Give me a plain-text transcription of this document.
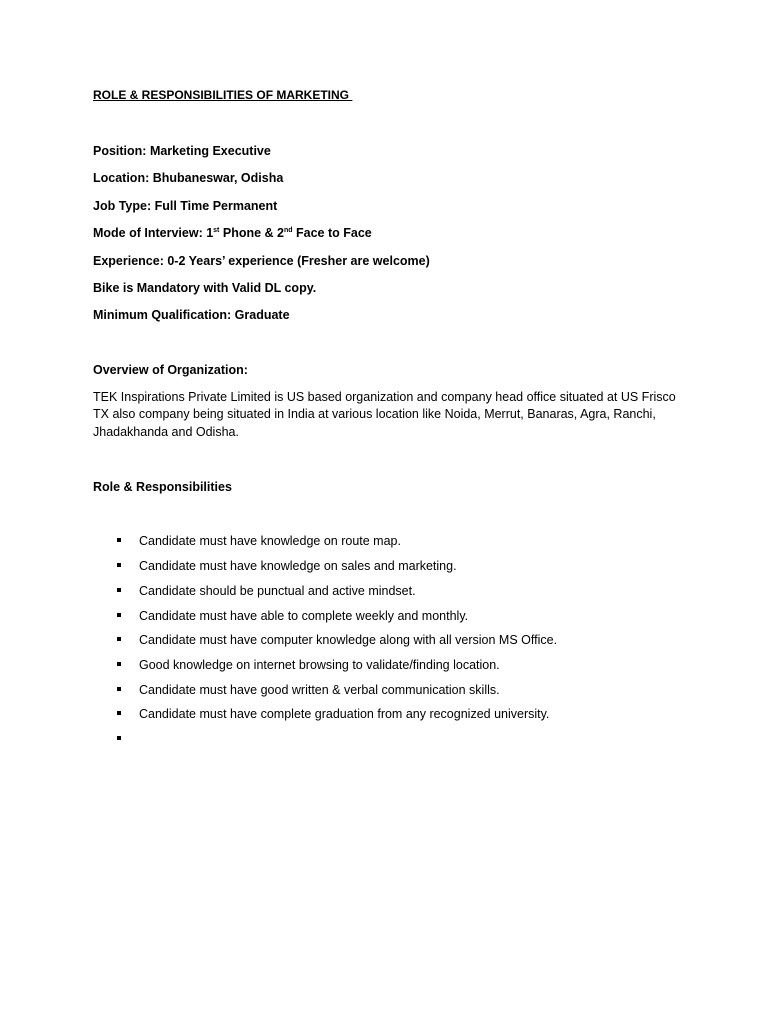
ROLE & RESPONSIBILITIES OF MARKETING
Position: Marketing Executive
Location: Bhubaneswar, Odisha
Job Type: Full Time Permanent
Mode of Interview: 1st Phone & 2nd Face to Face
Experience: 0-2 Years’ experience (Fresher are welcome)
Bike is Mandatory with Valid DL copy.
Minimum Qualification: Graduate
Overview of Organization:

TEK Inspirations Private Limited is US based organization and company head office situated at US Frisco TX also company being situated in India at various location like Noida, Merrut, Banaras, Agra, Ranchi, Jhadakhanda and Odisha.

Role & Responsibilities
Candidate must have knowledge on route map.
Candidate must have knowledge on sales and marketing.
Candidate should be punctual and active mindset.
Candidate must have able to complete weekly and monthly.
Candidate must have computer knowledge along with all version MS Office.
Good knowledge on internet browsing to validate/finding location.
Candidate must have good written & verbal communication skills.
Candidate must have complete graduation from any recognized university.
